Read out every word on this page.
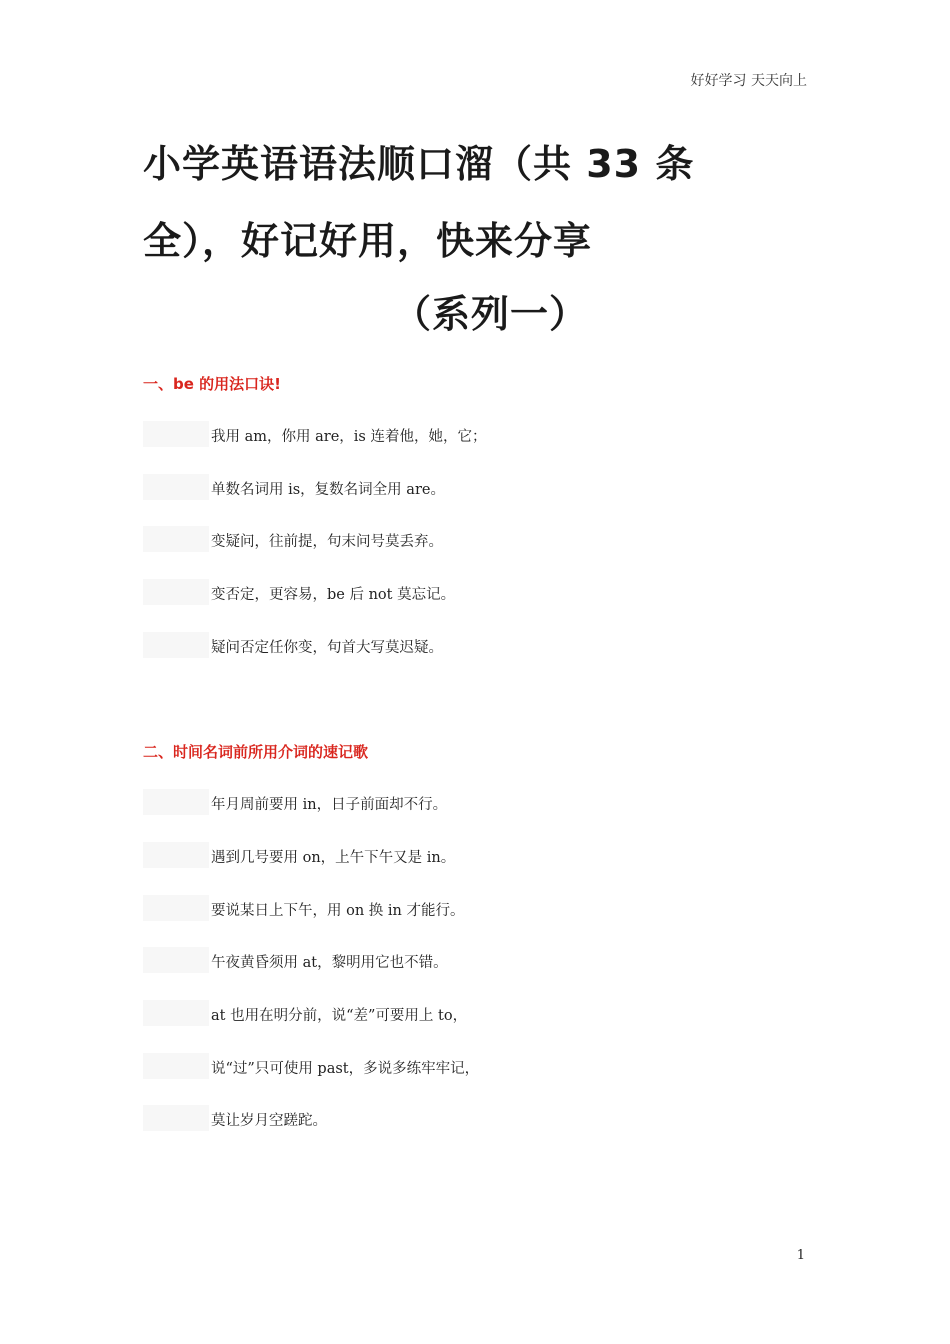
好好学习 天天向上
小学英语语法顺口溜（共 33 条
全），好记好用，快来分享
（系列一）
一、be 的用法口诀!
我用 am，你用 are，is 连着他，她，它；
单数名词用 is，复数名词全用 are。
变疑问，往前提，句末问号莫丢弃。
变否定，更容易，be 后 not 莫忘记。
疑问否定任你变，句首大写莫迟疑。
二、时间名词前所用介词的速记歌
年月周前要用 in，日子前面却不行。
遇到几号要用 on，上午下午又是 in。
要说某日上下午，用 on 换 in 才能行。
午夜黄昏须用 at，黎明用它也不错。
at 也用在明分前，说“差”可要用上 to，
说“过”只可使用 past，多说多练牢牢记，
莫让岁月空蹉跎。
1
